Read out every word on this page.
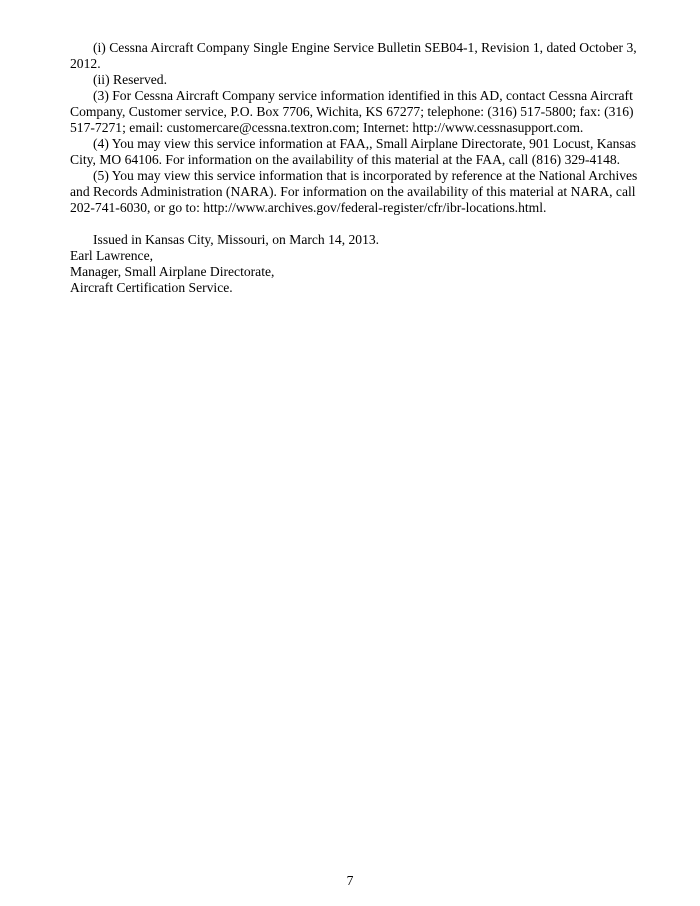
(i) Cessna Aircraft Company Single Engine Service Bulletin SEB04-1, Revision 1, dated October 3, 2012.

(ii) Reserved.

(3) For Cessna Aircraft Company service information identified in this AD, contact Cessna Aircraft Company, Customer service, P.O. Box 7706, Wichita, KS 67277; telephone: (316) 517-5800; fax: (316) 517-7271; email: customercare@cessna.textron.com; Internet: http://www.cessnasupport.com.

(4) You may view this service information at FAA,, Small Airplane Directorate, 901 Locust, Kansas City, MO 64106. For information on the availability of this material at the FAA, call (816) 329-4148.

(5) You may view this service information that is incorporated by reference at the National Archives and Records Administration (NARA). For information on the availability of this material at NARA, call 202-741-6030, or go to: http://www.archives.gov/federal-register/cfr/ibr-locations.html.

Issued in Kansas City, Missouri, on March 14, 2013.

Earl Lawrence,

Manager, Small Airplane Directorate,

Aircraft Certification Service.

7
